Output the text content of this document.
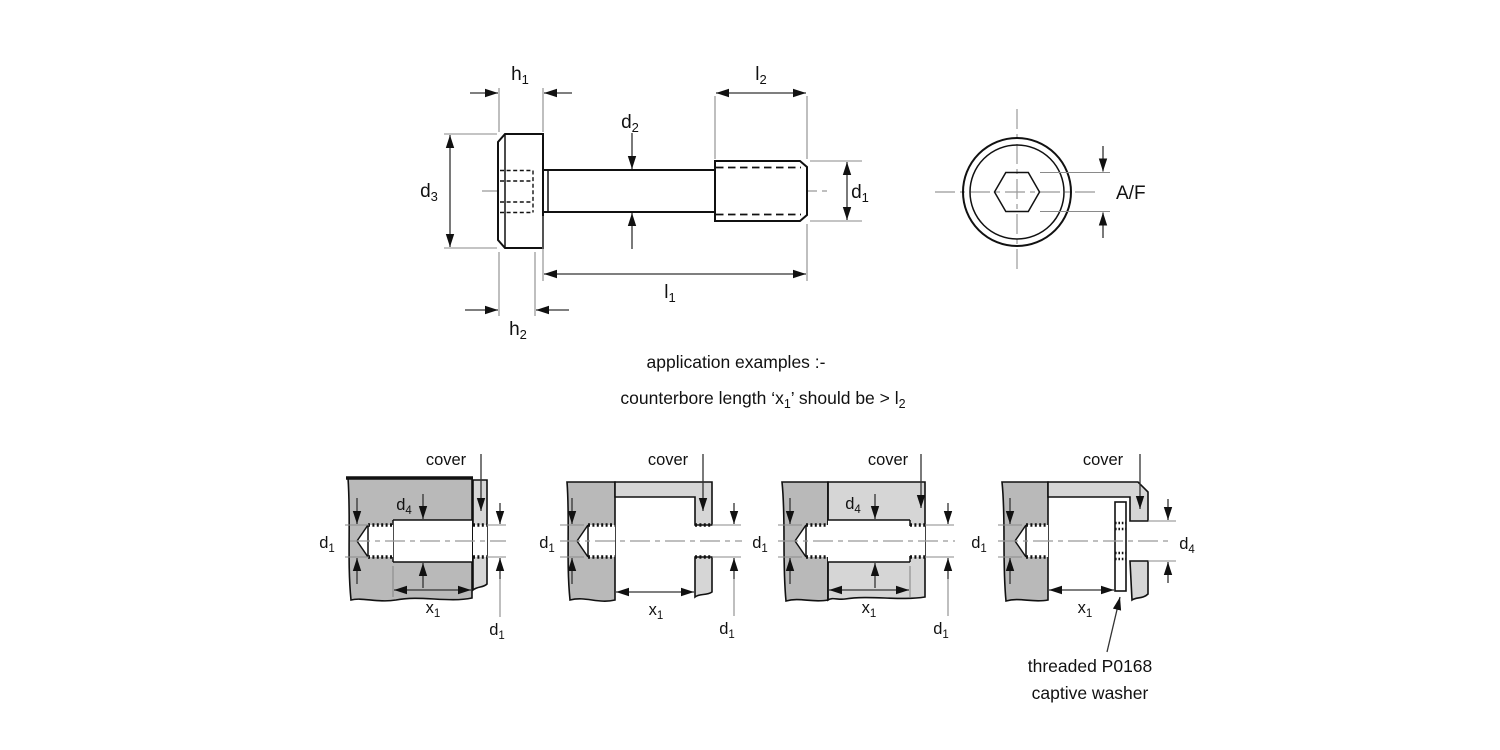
$h_1$	$l_2$
$d_2$
$d_3$	$d_1$
$l_1$
$h_2$
A/F
application examples :-
counterbore length ‘$x_1$’ should be > $l_2$
cover
$d_4$
$d_1$
$x_1$
$d_1$
cover
$d_1$
$x_1$
$d_1$
cover
$d_4$
$d_1$
$x_1$
$d_1$
cover
$d_1$	$d_4$
$x_1$
threaded P0168
captive washer
